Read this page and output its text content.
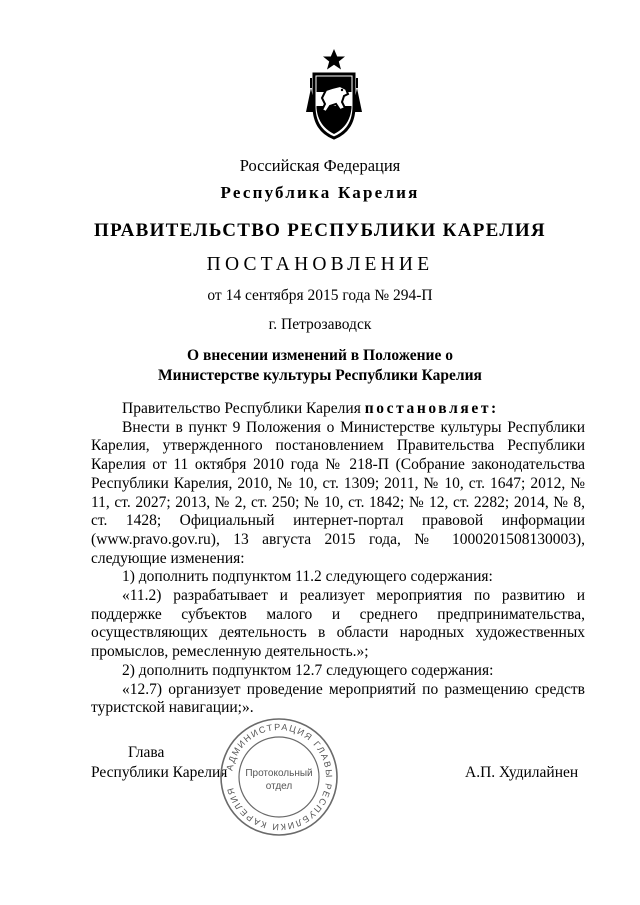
Российская Федерация
Республика Карелия
ПРАВИТЕЛЬСТВО РЕСПУБЛИКИ КАРЕЛИЯ
ПОСТАНОВЛЕНИЕ
от 14 сентября 2015 года № 294-П
г. Петрозаводск
О внесении изменений в Положение о
Министерстве культуры Республики Карелия

Правительство Республики Карелия постановляет:

Внести в пункт 9 Положения о Министерстве культуры Республики Карелия, утвержденного постановлением Правительства Республики Карелия от 11 октября 2010 года № 218-П (Собрание законодательства Республики Карелия, 2010, № 10, ст. 1309; 2011, № 10, ст. 1647; 2012, № 11, ст. 2027; 2013, № 2, ст. 250; № 10, ст. 1842; № 12, ст. 2282; 2014, № 8, ст. 1428; Официальный интернет-портал правовой информации (www.pravo.gov.ru), 13 августа 2015 года, № 1000201508130003), следующие изменения:

1) дополнить подпунктом 11.2 следующего содержания:

«11.2) разрабатывает и реализует мероприятия по развитию и поддержке субъектов малого и среднего предпринимательства, осуществляющих деятельность в области народных художественных промыслов, ремесленную деятельность.»;

2) дополнить подпунктом 12.7 следующего содержания:

«12.7) организует проведение мероприятий по размещению средств туристской навигации;».

Глава
Республики Карелия	А.П. Худилайнен
АДМИНИСТРАЦИЯ ГЛАВЫ РЕСПУБЛИКИ КАРЕЛИЯ
Протокольный
отдел
